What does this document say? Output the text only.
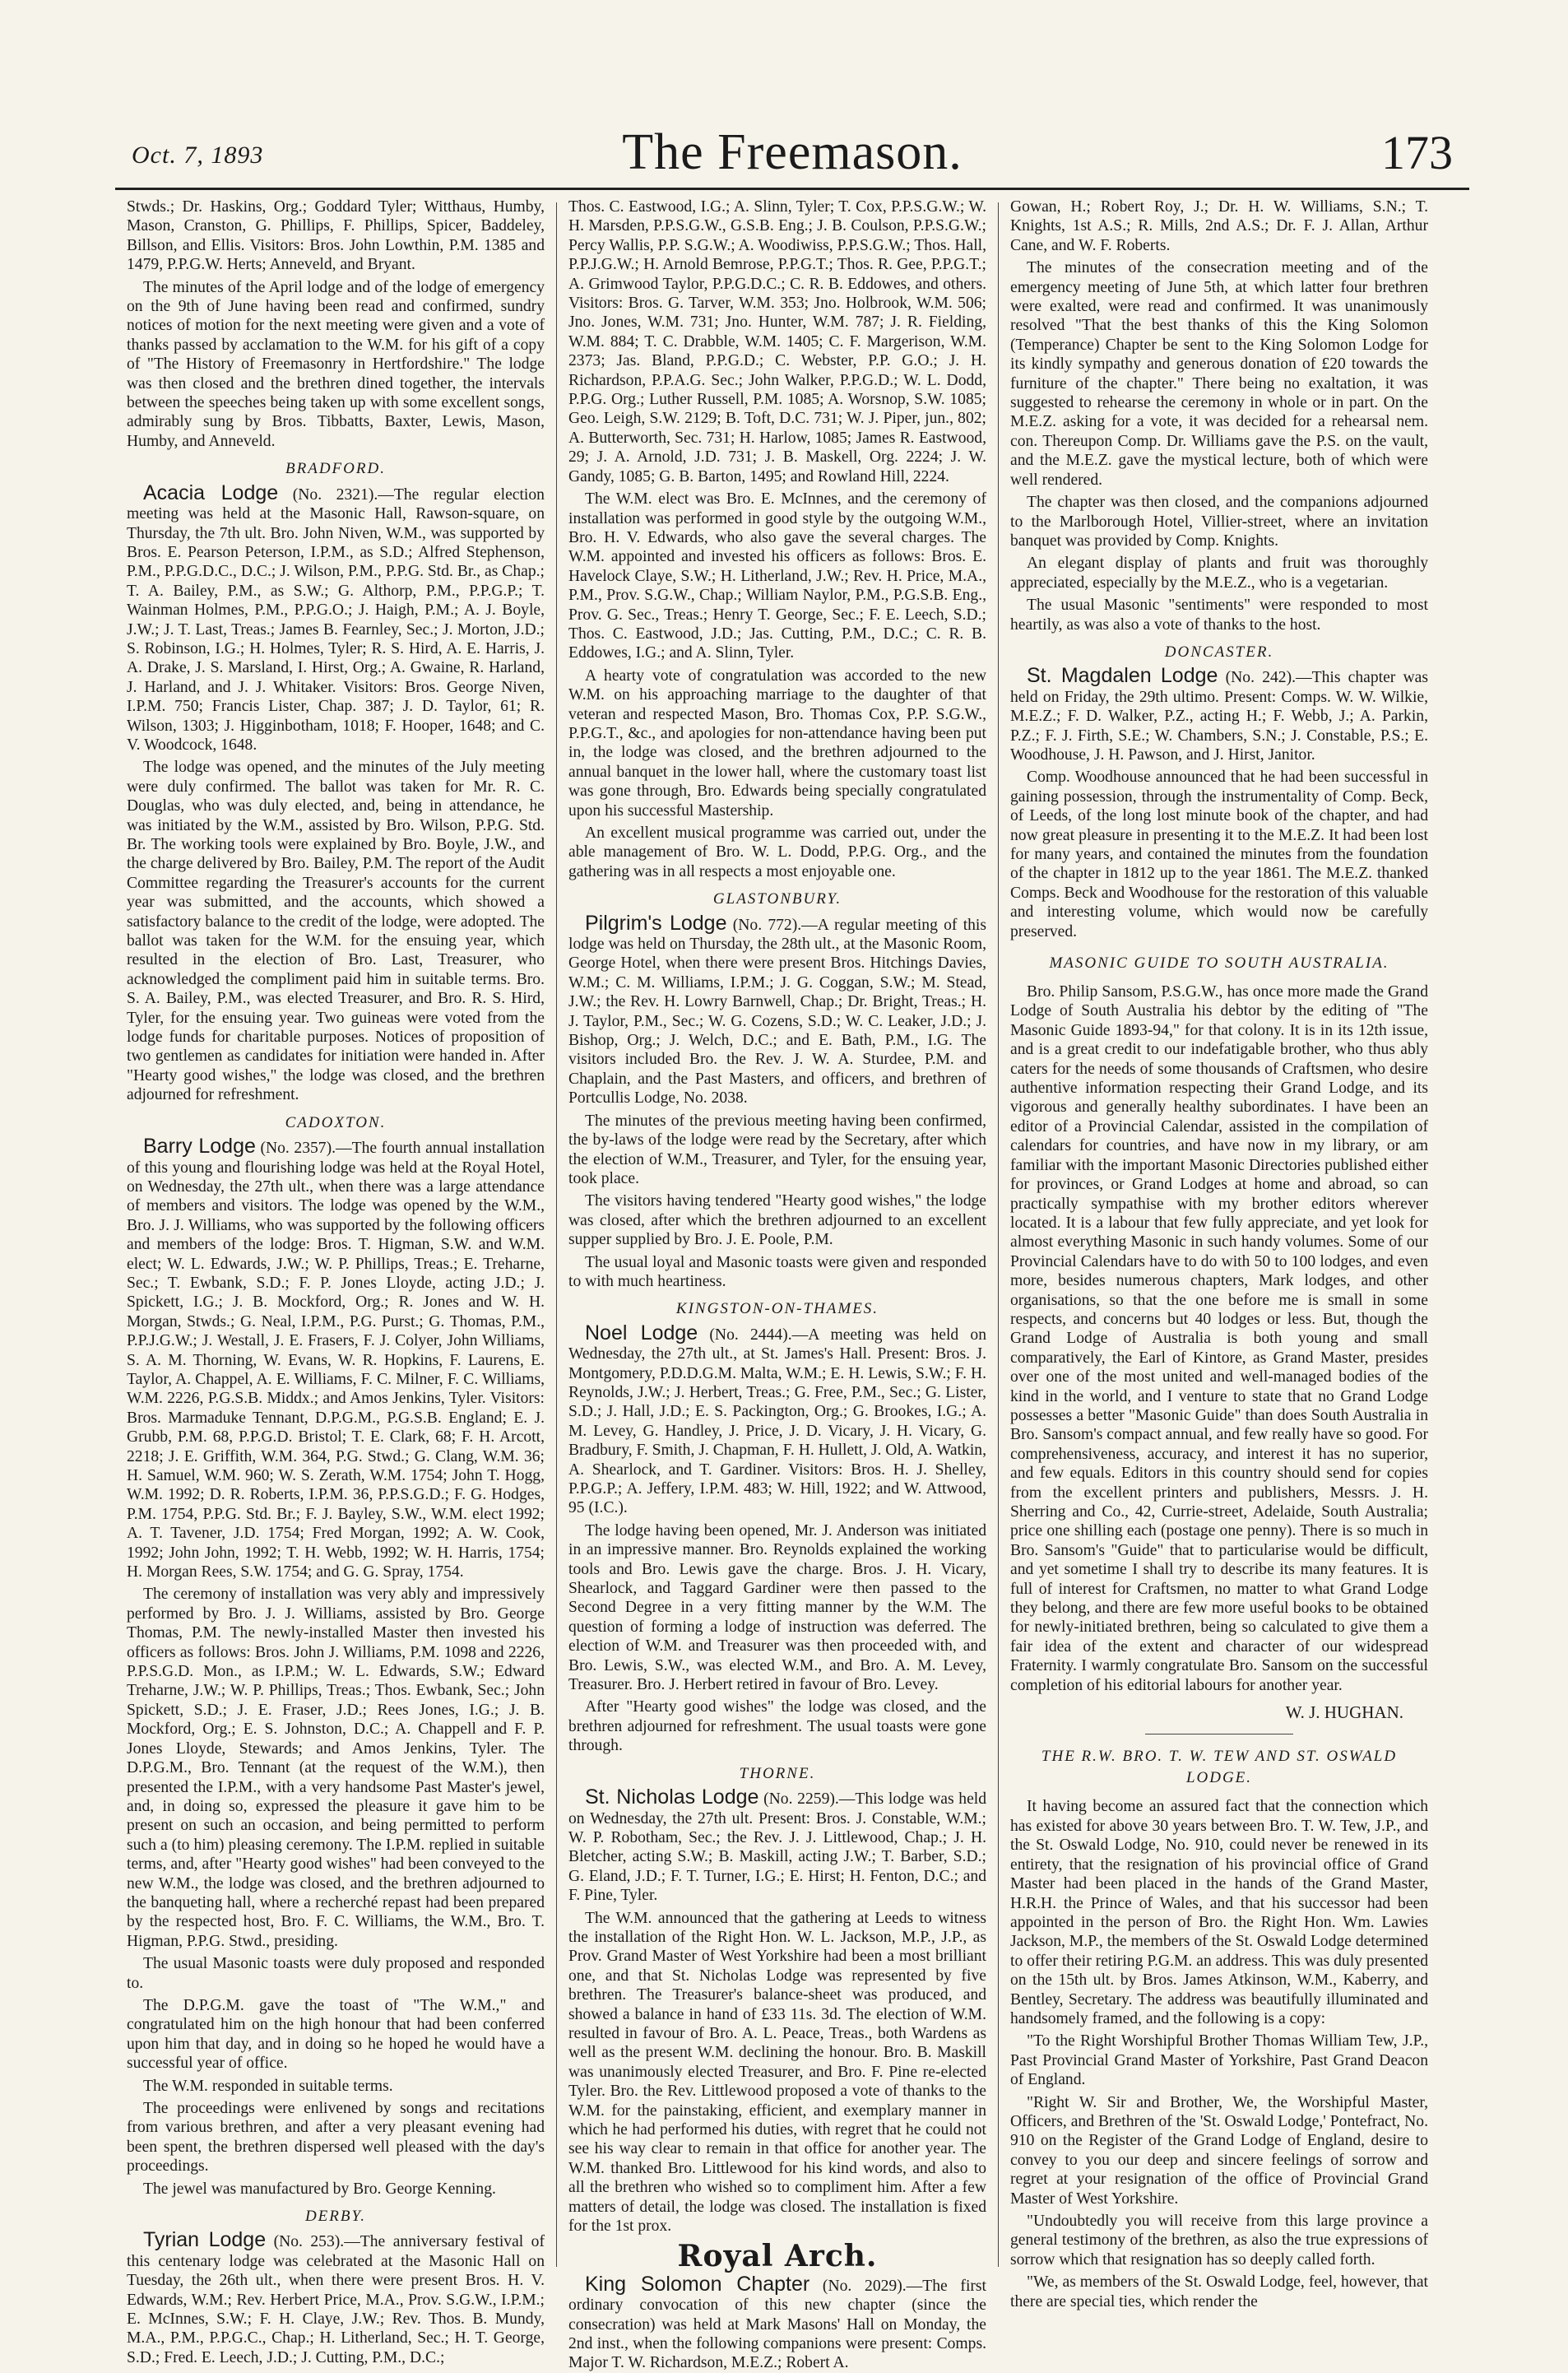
Oct. 7, 1893	The Freemason.	173

Stwds.; Dr. Haskins, Org.; Goddard Tyler; Witthaus, Humby, Mason, Cranston, G. Phillips, F. Phillips, Spicer, Baddeley, Billson, and Ellis. Visitors: Bros. John Lowthin, P.M. 1385 and 1479, P.P.G.W. Herts; Anneveld, and Bryant.

The minutes of the April lodge and of the lodge of emergency on the 9th of June having been read and confirmed, sundry notices of motion for the next meeting were given and a vote of thanks passed by acclamation to the W.M. for his gift of a copy of "The History of Freemasonry in Hertfordshire." The lodge was then closed and the brethren dined together, the intervals between the speeches being taken up with some excellent songs, admirably sung by Bros. Tibbatts, Baxter, Lewis, Mason, Humby, and Anneveld.

BRADFORD.

Acacia Lodge (No. 2321).—The regular election meeting was held at the Masonic Hall, Rawson-square, on Thursday, the 7th ult. Bro. John Niven, W.M., was supported by Bros. E. Pearson Peterson, I.P.M., as S.D.; Alfred Stephenson, P.M., P.P.G.D.C., D.C.; J. Wilson, P.M., P.P.G. Std. Br., as Chap.; T. A. Bailey, P.M., as S.W.; G. Althorp, P.M., P.P.G.P.; T. Wainman Holmes, P.M., P.P.G.O.; J. Haigh, P.M.; A. J. Boyle, J.W.; J. T. Last, Treas.; James B. Fearnley, Sec.; J. Morton, J.D.; S. Robinson, I.G.; H. Holmes, Tyler; R. S. Hird, A. E. Harris, J. A. Drake, J. S. Marsland, I. Hirst, Org.; A. Gwaine, R. Harland, J. Harland, and J. J. Whitaker. Visitors: Bros. George Niven, I.P.M. 750; Francis Lister, Chap. 387; J. D. Taylor, 61; R. Wilson, 1303; J. Higginbotham, 1018; F. Hooper, 1648; and C. V. Woodcock, 1648.

The lodge was opened, and the minutes of the July meeting were duly confirmed. The ballot was taken for Mr. R. C. Douglas, who was duly elected, and, being in attendance, he was initiated by the W.M., assisted by Bro. Wilson, P.P.G. Std. Br. The working tools were explained by Bro. Boyle, J.W., and the charge delivered by Bro. Bailey, P.M. The report of the Audit Committee regarding the Treasurer's accounts for the current year was submitted, and the accounts, which showed a satisfactory balance to the credit of the lodge, were adopted. The ballot was taken for the W.M. for the ensuing year, which resulted in the election of Bro. Last, Treasurer, who acknowledged the compliment paid him in suitable terms. Bro. S. A. Bailey, P.M., was elected Treasurer, and Bro. R. S. Hird, Tyler, for the ensuing year. Two guineas were voted from the lodge funds for charitable purposes. Notices of proposition of two gentlemen as candidates for initiation were handed in. After "Hearty good wishes," the lodge was closed, and the brethren adjourned for refreshment.

CADOXTON.

Barry Lodge (No. 2357).—The fourth annual installation of this young and flourishing lodge was held at the Royal Hotel, on Wednesday, the 27th ult., when there was a large attendance of members and visitors. The lodge was opened by the W.M., Bro. J. J. Williams, who was supported by the following officers and members of the lodge: Bros. T. Higman, S.W. and W.M. elect; W. L. Edwards, J.W.; W. P. Phillips, Treas.; E. Treharne, Sec.; T. Ewbank, S.D.; F. P. Jones Lloyde, acting J.D.; J. Spickett, I.G.; J. B. Mockford, Org.; R. Jones and W. H. Morgan, Stwds.; G. Neal, I.P.M., P.G. Purst.; G. Thomas, P.M., P.P.J.G.W.; J. Westall, J. E. Frasers, F. J. Colyer, John Williams, S. A. M. Thorning, W. Evans, W. R. Hopkins, F. Laurens, E. Taylor, A. Chappel, A. E. Williams, F. C. Milner, F. C. Williams, W.M. 2226, P.G.S.B. Middx.; and Amos Jenkins, Tyler. Visitors: Bros. Marmaduke Tennant, D.P.G.M., P.G.S.B. England; E. J. Grubb, P.M. 68, P.P.G.D. Bristol; T. E. Clark, 68; F. H. Arcott, 2218; J. E. Griffith, W.M. 364, P.G. Stwd.; G. Clang, W.M. 36; H. Samuel, W.M. 960; W. S. Zerath, W.M. 1754; John T. Hogg, W.M. 1992; D. R. Roberts, I.P.M. 36, P.P.S.G.D.; F. G. Hodges, P.M. 1754, P.P.G. Std. Br.; F. J. Bayley, S.W., W.M. elect 1992; A. T. Tavener, J.D. 1754; Fred Morgan, 1992; A. W. Cook, 1992; John John, 1992; T. H. Webb, 1992; W. H. Harris, 1754; H. Morgan Rees, S.W. 1754; and G. G. Spray, 1754.

The ceremony of installation was very ably and impressively performed by Bro. J. J. Williams, assisted by Bro. George Thomas, P.M. The newly-installed Master then invested his officers as follows: Bros. John J. Williams, P.M. 1098 and 2226, P.P.S.G.D. Mon., as I.P.M.; W. L. Edwards, S.W.; Edward Treharne, J.W.; W. P. Phillips, Treas.; Thos. Ewbank, Sec.; John Spickett, S.D.; J. E. Fraser, J.D.; Rees Jones, I.G.; J. B. Mockford, Org.; E. S. Johnston, D.C.; A. Chappell and F. P. Jones Lloyde, Stewards; and Amos Jenkins, Tyler. The D.P.G.M., Bro. Tennant (at the request of the W.M.), then presented the I.P.M., with a very handsome Past Master's jewel, and, in doing so, expressed the pleasure it gave him to be present on such an occasion, and being permitted to perform such a (to him) pleasing ceremony. The I.P.M. replied in suitable terms, and, after "Hearty good wishes" had been conveyed to the new W.M., the lodge was closed, and the brethren adjourned to the banqueting hall, where a recherché repast had been prepared by the respected host, Bro. F. C. Williams, the W.M., Bro. T. Higman, P.P.G. Stwd., presiding.

The usual Masonic toasts were duly proposed and responded to.

The D.P.G.M. gave the toast of "The W.M.," and congratulated him on the high honour that had been conferred upon him that day, and in doing so he hoped he would have a successful year of office.

The W.M. responded in suitable terms.

The proceedings were enlivened by songs and recitations from various brethren, and after a very pleasant evening had been spent, the brethren dispersed well pleased with the day's proceedings.

The jewel was manufactured by Bro. George Kenning.

DERBY.

Tyrian Lodge (No. 253).—The anniversary festival of this centenary lodge was celebrated at the Masonic Hall on Tuesday, the 26th ult., when there were present Bros. H. V. Edwards, W.M.; Rev. Herbert Price, M.A., Prov. S.G.W., I.P.M.; E. McInnes, S.W.; F. H. Claye, J.W.; Rev. Thos. B. Mundy, M.A., P.M., P.P.G.C., Chap.; H. Litherland, Sec.; H. T. George, S.D.; Fred. E. Leech, J.D.; J. Cutting, P.M., D.C.;

Thos. C. Eastwood, I.G.; A. Slinn, Tyler; T. Cox, P.P.S.G.W.; W. H. Marsden, P.P.S.G.W., G.S.B. Eng.; J. B. Coulson, P.P.S.G.W.; Percy Wallis, P.P. S.G.W.; A. Woodiwiss, P.P.S.G.W.; Thos. Hall, P.P.J.G.W.; H. Arnold Bemrose, P.P.G.T.; Thos. R. Gee, P.P.G.T.; A. Grimwood Taylor, P.P.G.D.C.; C. R. B. Eddowes, and others. Visitors: Bros. G. Tarver, W.M. 353; Jno. Holbrook, W.M. 506; Jno. Jones, W.M. 731; Jno. Hunter, W.M. 787; J. R. Fielding, W.M. 884; T. C. Drabble, W.M. 1405; C. F. Margerison, W.M. 2373; Jas. Bland, P.P.G.D.; C. Webster, P.P. G.O.; J. H. Richardson, P.P.A.G. Sec.; John Walker, P.P.G.D.; W. L. Dodd, P.P.G. Org.; Luther Russell, P.M. 1085; A. Worsnop, S.W. 1085; Geo. Leigh, S.W. 2129; B. Toft, D.C. 731; W. J. Piper, jun., 802; A. Butterworth, Sec. 731; H. Harlow, 1085; James R. Eastwood, 29; J. A. Arnold, J.D. 731; J. B. Maskell, Org. 2224; J. W. Gandy, 1085; G. B. Barton, 1495; and Rowland Hill, 2224.

The W.M. elect was Bro. E. McInnes, and the ceremony of installation was performed in good style by the outgoing W.M., Bro. H. V. Edwards, who also gave the several charges. The W.M. appointed and invested his officers as follows: Bros. E. Havelock Claye, S.W.; H. Litherland, J.W.; Rev. H. Price, M.A., P.M., Prov. S.G.W., Chap.; William Naylor, P.M., P.G.S.B. Eng., Prov. G. Sec., Treas.; Henry T. George, Sec.; F. E. Leech, S.D.; Thos. C. Eastwood, J.D.; Jas. Cutting, P.M., D.C.; C. R. B. Eddowes, I.G.; and A. Slinn, Tyler.

A hearty vote of congratulation was accorded to the new W.M. on his approaching marriage to the daughter of that veteran and respected Mason, Bro. Thomas Cox, P.P. S.G.W., P.P.G.T., &c., and apologies for non-attendance having been put in, the lodge was closed, and the brethren adjourned to the annual banquet in the lower hall, where the customary toast list was gone through, Bro. Edwards being specially congratulated upon his successful Mastership.

An excellent musical programme was carried out, under the able management of Bro. W. L. Dodd, P.P.G. Org., and the gathering was in all respects a most enjoyable one.

GLASTONBURY.

Pilgrim's Lodge (No. 772).—A regular meeting of this lodge was held on Thursday, the 28th ult., at the Masonic Room, George Hotel, when there were present Bros. Hitchings Davies, W.M.; C. M. Williams, I.P.M.; J. G. Coggan, S.W.; M. Stead, J.W.; the Rev. H. Lowry Barnwell, Chap.; Dr. Bright, Treas.; H. J. Taylor, P.M., Sec.; W. G. Cozens, S.D.; W. C. Leaker, J.D.; J. Bishop, Org.; J. Welch, D.C.; and E. Bath, P.M., I.G. The visitors included Bro. the Rev. J. W. A. Sturdee, P.M. and Chaplain, and the Past Masters, and officers, and brethren of Portcullis Lodge, No. 2038.

The minutes of the previous meeting having been confirmed, the by-laws of the lodge were read by the Secretary, after which the election of W.M., Treasurer, and Tyler, for the ensuing year, took place.

The visitors having tendered "Hearty good wishes," the lodge was closed, after which the brethren adjourned to an excellent supper supplied by Bro. J. E. Poole, P.M.

The usual loyal and Masonic toasts were given and responded to with much heartiness.

KINGSTON-ON-THAMES.

Noel Lodge (No. 2444).—A meeting was held on Wednesday, the 27th ult., at St. James's Hall. Present: Bros. J. Montgomery, P.D.D.G.M. Malta, W.M.; E. H. Lewis, S.W.; F. H. Reynolds, J.W.; J. Herbert, Treas.; G. Free, P.M., Sec.; G. Lister, S.D.; J. Hall, J.D.; E. S. Packington, Org.; G. Brookes, I.G.; A. M. Levey, G. Handley, J. Price, J. D. Vicary, J. H. Vicary, G. Bradbury, F. Smith, J. Chapman, F. H. Hullett, J. Old, A. Watkin, A. Shearlock, and T. Gardiner. Visitors: Bros. H. J. Shelley, P.P.G.P.; A. Jeffery, I.P.M. 483; W. Hill, 1922; and W. Attwood, 95 (I.C.).

The lodge having been opened, Mr. J. Anderson was initiated in an impressive manner. Bro. Reynolds explained the working tools and Bro. Lewis gave the charge. Bros. J. H. Vicary, Shearlock, and Taggard Gardiner were then passed to the Second Degree in a very fitting manner by the W.M. The question of forming a lodge of instruction was deferred. The election of W.M. and Treasurer was then proceeded with, and Bro. Lewis, S.W., was elected W.M., and Bro. A. M. Levey, Treasurer. Bro. J. Herbert retired in favour of Bro. Levey.

After "Hearty good wishes" the lodge was closed, and the brethren adjourned for refreshment. The usual toasts were gone through.

THORNE.

St. Nicholas Lodge (No. 2259).—This lodge was held on Wednesday, the 27th ult. Present: Bros. J. Constable, W.M.; W. P. Robotham, Sec.; the Rev. J. J. Littlewood, Chap.; J. H. Bletcher, acting S.W.; B. Maskill, acting J.W.; T. Barber, S.D.; G. Eland, J.D.; F. T. Turner, I.G.; E. Hirst; H. Fenton, D.C.; and F. Pine, Tyler.

The W.M. announced that the gathering at Leeds to witness the installation of the Right Hon. W. L. Jackson, M.P., J.P., as Prov. Grand Master of West Yorkshire had been a most brilliant one, and that St. Nicholas Lodge was represented by five brethren. The Treasurer's balance-sheet was produced, and showed a balance in hand of £33 11s. 3d. The election of W.M. resulted in favour of Bro. A. L. Peace, Treas., both Wardens as well as the present W.M. declining the honour. Bro. B. Maskill was unanimously elected Treasurer, and Bro. F. Pine re-elected Tyler. Bro. the Rev. Littlewood proposed a vote of thanks to the W.M. for the painstaking, efficient, and exemplary manner in which he had performed his duties, with regret that he could not see his way clear to remain in that office for another year. The W.M. thanked Bro. Littlewood for his kind words, and also to all the brethren who wished so to compliment him. After a few matters of detail, the lodge was closed. The installation is fixed for the 1st prox.

Royal Arch.

King Solomon Chapter (No. 2029).—The first ordinary convocation of this new chapter (since the consecration) was held at Mark Masons' Hall on Monday, the 2nd inst., when the following companions were present: Comps. Major T. W. Richardson, M.E.Z.; Robert A.

Gowan, H.; Robert Roy, J.; Dr. H. W. Williams, S.N.; T. Knights, 1st A.S.; R. Mills, 2nd A.S.; Dr. F. J. Allan, Arthur Cane, and W. F. Roberts.

The minutes of the consecration meeting and of the emergency meeting of June 5th, at which latter four brethren were exalted, were read and confirmed. It was unanimously resolved "That the best thanks of this the King Solomon (Temperance) Chapter be sent to the King Solomon Lodge for its kindly sympathy and generous donation of £20 towards the furniture of the chapter." There being no exaltation, it was suggested to rehearse the ceremony in whole or in part. On the M.E.Z. asking for a vote, it was decided for a rehearsal nem. con. Thereupon Comp. Dr. Williams gave the P.S. on the vault, and the M.E.Z. gave the mystical lecture, both of which were well rendered.

The chapter was then closed, and the companions adjourned to the Marlborough Hotel, Villier-street, where an invitation banquet was provided by Comp. Knights.

An elegant display of plants and fruit was thoroughly appreciated, especially by the M.E.Z., who is a vegetarian.

The usual Masonic "sentiments" were responded to most heartily, as was also a vote of thanks to the host.

DONCASTER.

St. Magdalen Lodge (No. 242).—This chapter was held on Friday, the 29th ultimo. Present: Comps. W. W. Wilkie, M.E.Z.; F. D. Walker, P.Z., acting H.; F. Webb, J.; A. Parkin, P.Z.; F. J. Firth, S.E.; W. Chambers, S.N.; J. Constable, P.S.; E. Woodhouse, J. H. Pawson, and J. Hirst, Janitor.

Comp. Woodhouse announced that he had been successful in gaining possession, through the instrumentality of Comp. Beck, of Leeds, of the long lost minute book of the chapter, and had now great pleasure in presenting it to the M.E.Z. It had been lost for many years, and contained the minutes from the foundation of the chapter in 1812 up to the year 1861. The M.E.Z. thanked Comps. Beck and Woodhouse for the restoration of this valuable and interesting volume, which would now be carefully preserved.

MASONIC GUIDE TO SOUTH AUSTRALIA.

Bro. Philip Sansom, P.S.G.W., has once more made the Grand Lodge of South Australia his debtor by the editing of "The Masonic Guide 1893-94," for that colony. It is in its 12th issue, and is a great credit to our indefatigable brother, who thus ably caters for the needs of some thousands of Craftsmen, who desire authentive information respecting their Grand Lodge, and its vigorous and generally healthy subordinates. I have been an editor of a Provincial Calendar, assisted in the compilation of calendars for countries, and have now in my library, or am familiar with the important Masonic Directories published either for provinces, or Grand Lodges at home and abroad, so can practically sympathise with my brother editors wherever located. It is a labour that few fully appreciate, and yet look for almost everything Masonic in such handy volumes. Some of our Provincial Calendars have to do with 50 to 100 lodges, and even more, besides numerous chapters, Mark lodges, and other organisations, so that the one before me is small in some respects, and concerns but 40 lodges or less. But, though the Grand Lodge of Australia is both young and small comparatively, the Earl of Kintore, as Grand Master, presides over one of the most united and well-managed bodies of the kind in the world, and I venture to state that no Grand Lodge possesses a better "Masonic Guide" than does South Australia in Bro. Sansom's compact annual, and few really have so good. For comprehensiveness, accuracy, and interest it has no superior, and few equals. Editors in this country should send for copies from the excellent printers and publishers, Messrs. J. H. Sherring and Co., 42, Currie-street, Adelaide, South Australia; price one shilling each (postage one penny). There is so much in Bro. Sansom's "Guide" that to particularise would be difficult, and yet sometime I shall try to describe its many features. It is full of interest for Craftsmen, no matter to what Grand Lodge they belong, and there are few more useful books to be obtained for newly-initiated brethren, being so calculated to give them a fair idea of the extent and character of our widespread Fraternity. I warmly congratulate Bro. Sansom on the successful completion of his editorial labours for another year.

W. J. HUGHAN.
THE R.W. BRO. T. W. TEW AND ST. OSWALD LODGE.

It having become an assured fact that the connection which has existed for above 30 years between Bro. T. W. Tew, J.P., and the St. Oswald Lodge, No. 910, could never be renewed in its entirety, that the resignation of his provincial office of Grand Master had been placed in the hands of the Grand Master, H.R.H. the Prince of Wales, and that his successor had been appointed in the person of Bro. the Right Hon. Wm. Lawies Jackson, M.P., the members of the St. Oswald Lodge determined to offer their retiring P.G.M. an address. This was duly presented on the 15th ult. by Bros. James Atkinson, W.M., Kaberry, and Bentley, Secretary. The address was beautifully illuminated and handsomely framed, and the following is a copy:

"To the Right Worshipful Brother Thomas William Tew, J.P., Past Provincial Grand Master of Yorkshire, Past Grand Deacon of England.

"Right W. Sir and Brother, We, the Worshipful Master, Officers, and Brethren of the 'St. Oswald Lodge,' Pontefract, No. 910 on the Register of the Grand Lodge of England, desire to convey to you our deep and sincere feelings of sorrow and regret at your resignation of the office of Provincial Grand Master of West Yorkshire.

"Undoubtedly you will receive from this large province a general testimony of the brethren, as also the true expressions of sorrow which that resignation has so deeply called forth.

"We, as members of the St. Oswald Lodge, feel, however, that there are special ties, which render the
